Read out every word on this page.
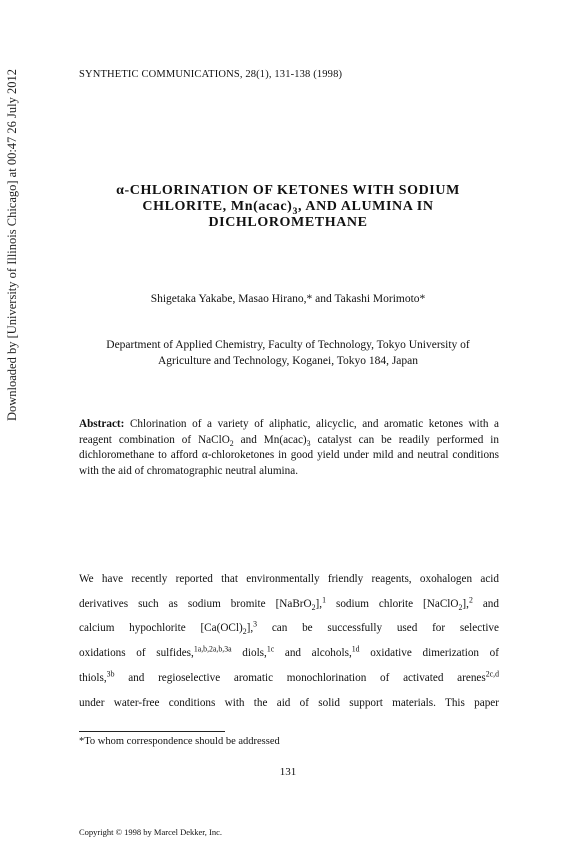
Downloaded by [University of Illinois Chicago] at 00:47 26 July 2012	SYNTHETIC COMMUNICATIONS, 28(1), 131-138 (1998)
α-CHLORINATION OF KETONES WITH SODIUM
CHLORITE, $Mn(acac)_3$, AND ALUMINA IN
DICHLOROMETHANE
Shigetaka Yakabe, Masao Hirano,* and Takashi Morimoto*
Department of Applied Chemistry, Faculty of Technology, Tokyo University of
Agriculture and Technology, Koganei, Tokyo 184, Japan
Abstract: Chlorination of a variety of aliphatic, alicyclic, and aromatic ketones with a reagent combination of NaClO$_2$ and $Mn(acac)_3$ catalyst can be readily performed in dichloromethane to afford α-chloroketones in good yield under mild and neutral conditions with the aid of chromatographic neutral alumina.
We have recently reported that environmentally friendly reagents, oxohalogen acid
derivatives such as sodium bromite [NaBrO$_2$],$^1$ sodium chlorite [NaClO$_2$],$^2$ and
calcium hypochlorite $[Ca(OCl)_2],^3$ can be successfully used for selective
oxidations of sulfides,$^{1a,b,2a,b,3a}$ diols,$^{1c}$ and alcohols,$^{1d}$ oxidative dimerization of
thiols,$^{3b}$ and regioselective aromatic monochlorination of activated arenes$^{2c,d}$
under water-free conditions with the aid of solid support materials. This paper
*To whom correspondence should be addressed
131
Copyright © 1998 by Marcel Dekker, Inc.
